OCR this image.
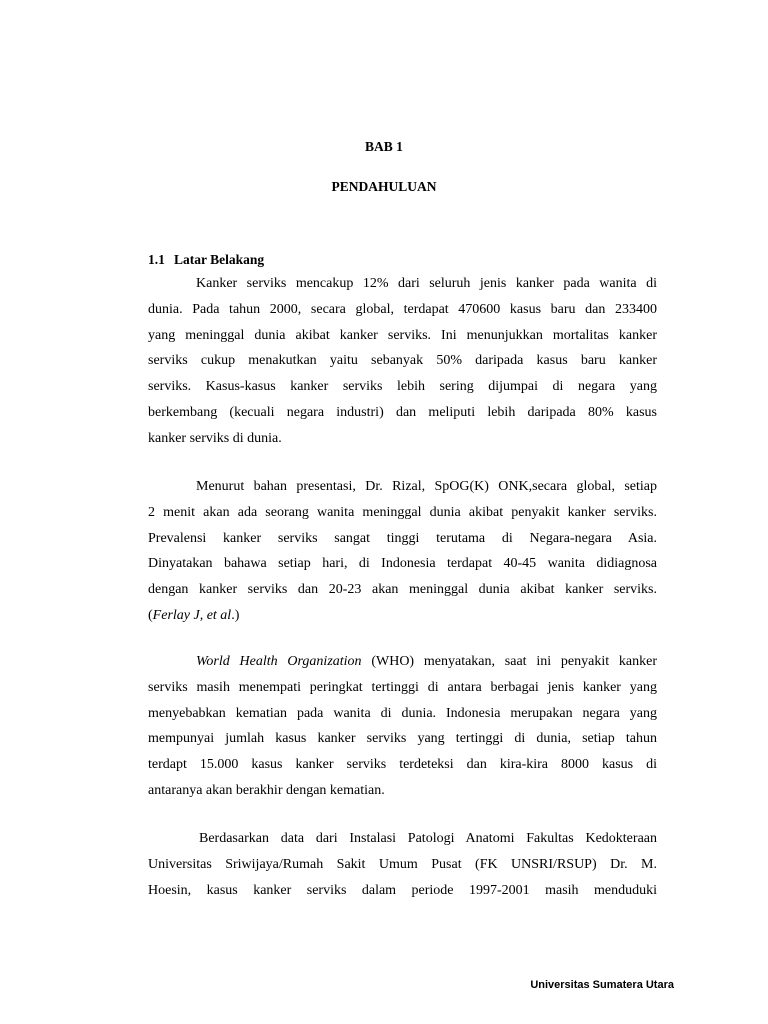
BAB 1

PENDAHULUAN

1.1 Latar Belakang

Kanker serviks mencakup 12% dari seluruh jenis kanker pada wanita di
dunia. Pada tahun 2000, secara global, terdapat 470600 kasus baru dan 233400
yang meninggal dunia akibat kanker serviks. Ini menunjukkan mortalitas kanker
serviks cukup menakutkan yaitu sebanyak 50% daripada kasus baru kanker
serviks. Kasus-kasus kanker serviks lebih sering dijumpai di negara yang
berkembang (kecuali negara industri) dan meliputi lebih daripada 80% kasus
kanker serviks di dunia.
Menurut bahan presentasi, Dr. Rizal, SpOG(K) ONK,secara global, setiap
2 menit akan ada seorang wanita meninggal dunia akibat penyakit kanker serviks.
Prevalensi kanker serviks sangat tinggi terutama di Negara-negara Asia.
Dinyatakan bahawa setiap hari, di Indonesia terdapat 40-45 wanita didiagnosa
dengan kanker serviks dan 20-23 akan meninggal dunia akibat kanker serviks.
(Ferlay J, et al.)
World Health Organization (WHO) menyatakan, saat ini penyakit kanker
serviks masih menempati peringkat tertinggi di antara berbagai jenis kanker yang
menyebabkan kematian pada wanita di dunia. Indonesia merupakan negara yang
mempunyai jumlah kasus kanker serviks yang tertinggi di dunia, setiap tahun
terdapt 15.000 kasus kanker serviks terdeteksi dan kira-kira 8000 kasus di
antaranya akan berakhir dengan kematian.
Berdasarkan data dari Instalasi Patologi Anatomi Fakultas Kedokteraan
Universitas Sriwijaya/Rumah Sakit Umum Pusat (FK UNSRI/RSUP) Dr. M.
Hoesin, kasus kanker serviks dalam periode 1997-2001 masih menduduki

Universitas Sumatera Utara
